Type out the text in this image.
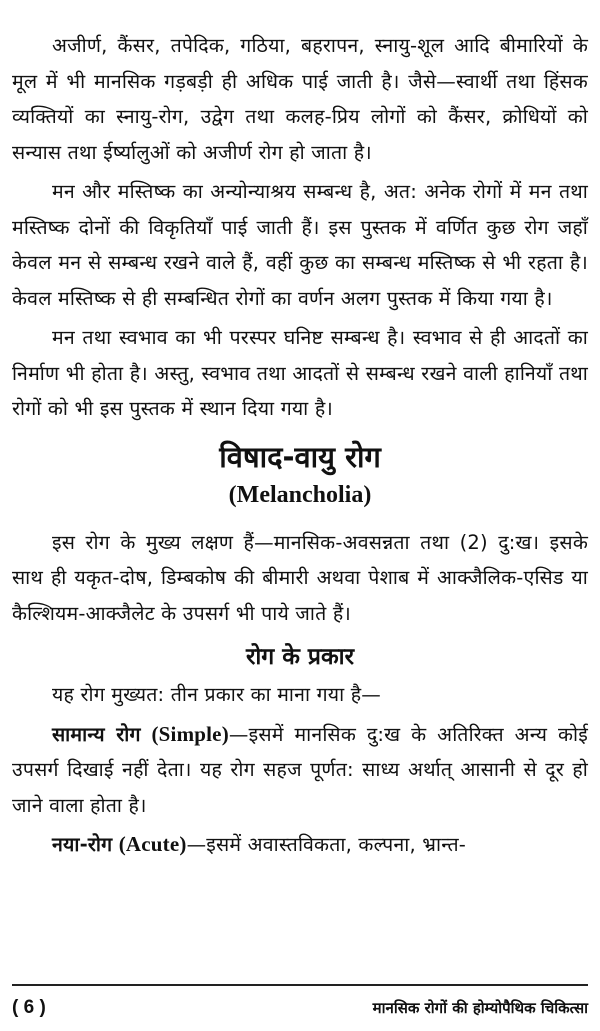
अजीर्ण, कैंसर, तपेदिक, गठिया, बहरापन, स्नायु-शूल आदि बीमारियों के मूल में भी मानसिक गड़बड़ी ही अधिक पाई जाती है। जैसे—स्वार्थी तथा हिंसक व्यक्तियों का स्नायु-रोग, उद्वेग तथा कलह-प्रिय लोगों को कैंसर, क्रोधियों को सन्यास तथा ईर्ष्यालुओं को अजीर्ण रोग हो जाता है।

मन और मस्तिष्क का अन्योन्याश्रय सम्बन्ध है, अत: अनेक रोगों में मन तथा मस्तिष्क दोनों की विकृतियाँ पाई जाती हैं। इस पुस्तक में वर्णित कुछ रोग जहाँ केवल मन से सम्बन्ध रखने वाले हैं, वहीं कुछ का सम्बन्ध मस्तिष्क से भी रहता है। केवल मस्तिष्क से ही सम्बन्धित रोगों का वर्णन अलग पुस्तक में किया गया है।

मन तथा स्वभाव का भी परस्पर घनिष्ट सम्बन्ध है। स्वभाव से ही आदतों का निर्माण भी होता है। अस्तु, स्वभाव तथा आदतों से सम्बन्ध रखने वाली हानियाँ तथा रोगों को भी इस पुस्तक में स्थान दिया गया है।

विषाद-वायु रोग
(Melancholia)

इस रोग के मुख्य लक्षण हैं—मानसिक-अवसन्नता तथा (2) दु:ख। इसके साथ ही यकृत-दोष, डिम्बकोष की बीमारी अथवा पेशाब में आक्जैलिक-एसिड या कैल्शियम-आक्जैलेट के उपसर्ग भी पाये जाते हैं।

रोग के प्रकार

यह रोग मुख्यत: तीन प्रकार का माना गया है—

सामान्य रोग (Simple)—इसमें मानसिक दु:ख के अतिरिक्त अन्य कोई उपसर्ग दिखाई नहीं देता। यह रोग सहज पूर्णत: साध्य अर्थात् आसानी से दूर हो जाने वाला होता है।

नया-रोग (Acute)—इसमें अवास्तविकता, कल्पना, भ्रान्त-

( 6 )	मानसिक रोगों की होम्योपैथिक चिकित्सा
